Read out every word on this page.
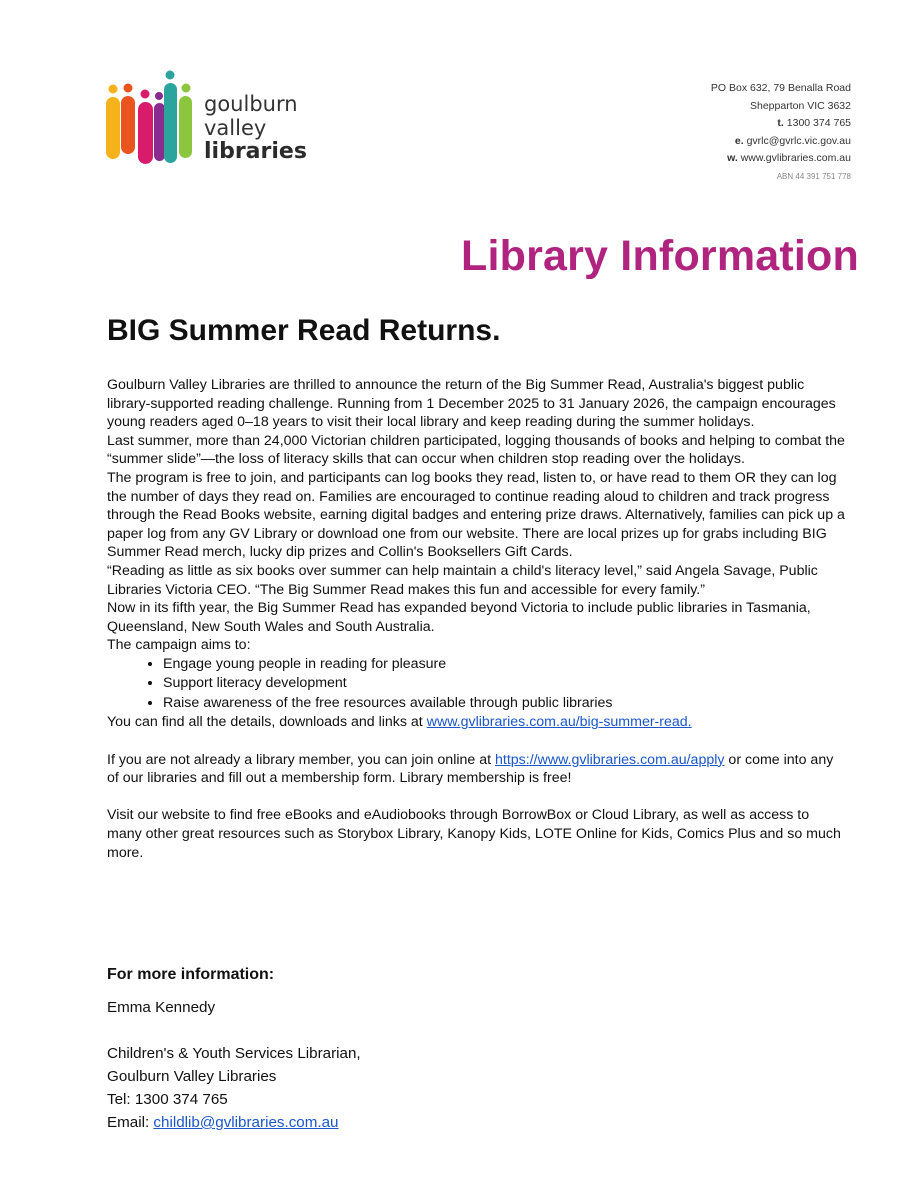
goulburn
valley
libraries
PO Box 632, 79 Benalla Road
Shepparton VIC 3632
t. 1300 374 765
e. gvrlc@gvrlc.vic.gov.au
w. www.gvlibraries.com.au
ABN 44 391 751 778
Library Information
BIG Summer Read Returns.

Goulburn Valley Libraries are thrilled to announce the return of the Big Summer Read, Australia's biggest public library-supported reading challenge. Running from 1 December 2025 to 31 January 2026, the campaign encourages young readers aged 0–18 years to visit their local library and keep reading during the summer holidays.

Last summer, more than 24,000 Victorian children participated, logging thousands of books and helping to combat the “summer slide”—the loss of literacy skills that can occur when children stop reading over the holidays.

The program is free to join, and participants can log books they read, listen to, or have read to them OR they can log the number of days they read on. Families are encouraged to continue reading aloud to children and track progress through the Read Books website, earning digital badges and entering prize draws. Alternatively, families can pick up a paper log from any GV Library or download one from our website. There are local prizes up for grabs including BIG Summer Read merch, lucky dip prizes and Collin's Booksellers Gift Cards.

“Reading as little as six books over summer can help maintain a child's literacy level,” said Angela Savage, Public Libraries Victoria CEO. “The Big Summer Read makes this fun and accessible for every family.”

Now in its fifth year, the Big Summer Read has expanded beyond Victoria to include public libraries in Tasmania, Queensland, New South Wales and South Australia.

The campaign aims to:

• Engage young people in reading for pleasure
• Support literacy development
• Raise awareness of the free resources available through public libraries

You can find all the details, downloads and links at www.gvlibraries.com.au/big-summer-read.

If you are not already a library member, you can join online at https://www.gvlibraries.com.au/apply or come into any of our libraries and fill out a membership form. Library membership is free!

Visit our website to find free eBooks and eAudiobooks through BorrowBox or Cloud Library, as well as access to many other great resources such as Storybox Library, Kanopy Kids, LOTE Online for Kids, Comics Plus and so much more.

For more information:

Emma Kennedy

Children's & Youth Services Librarian,

Goulburn Valley Libraries

Tel: 1300 374 765

Email: childlib@gvlibraries.com.au
